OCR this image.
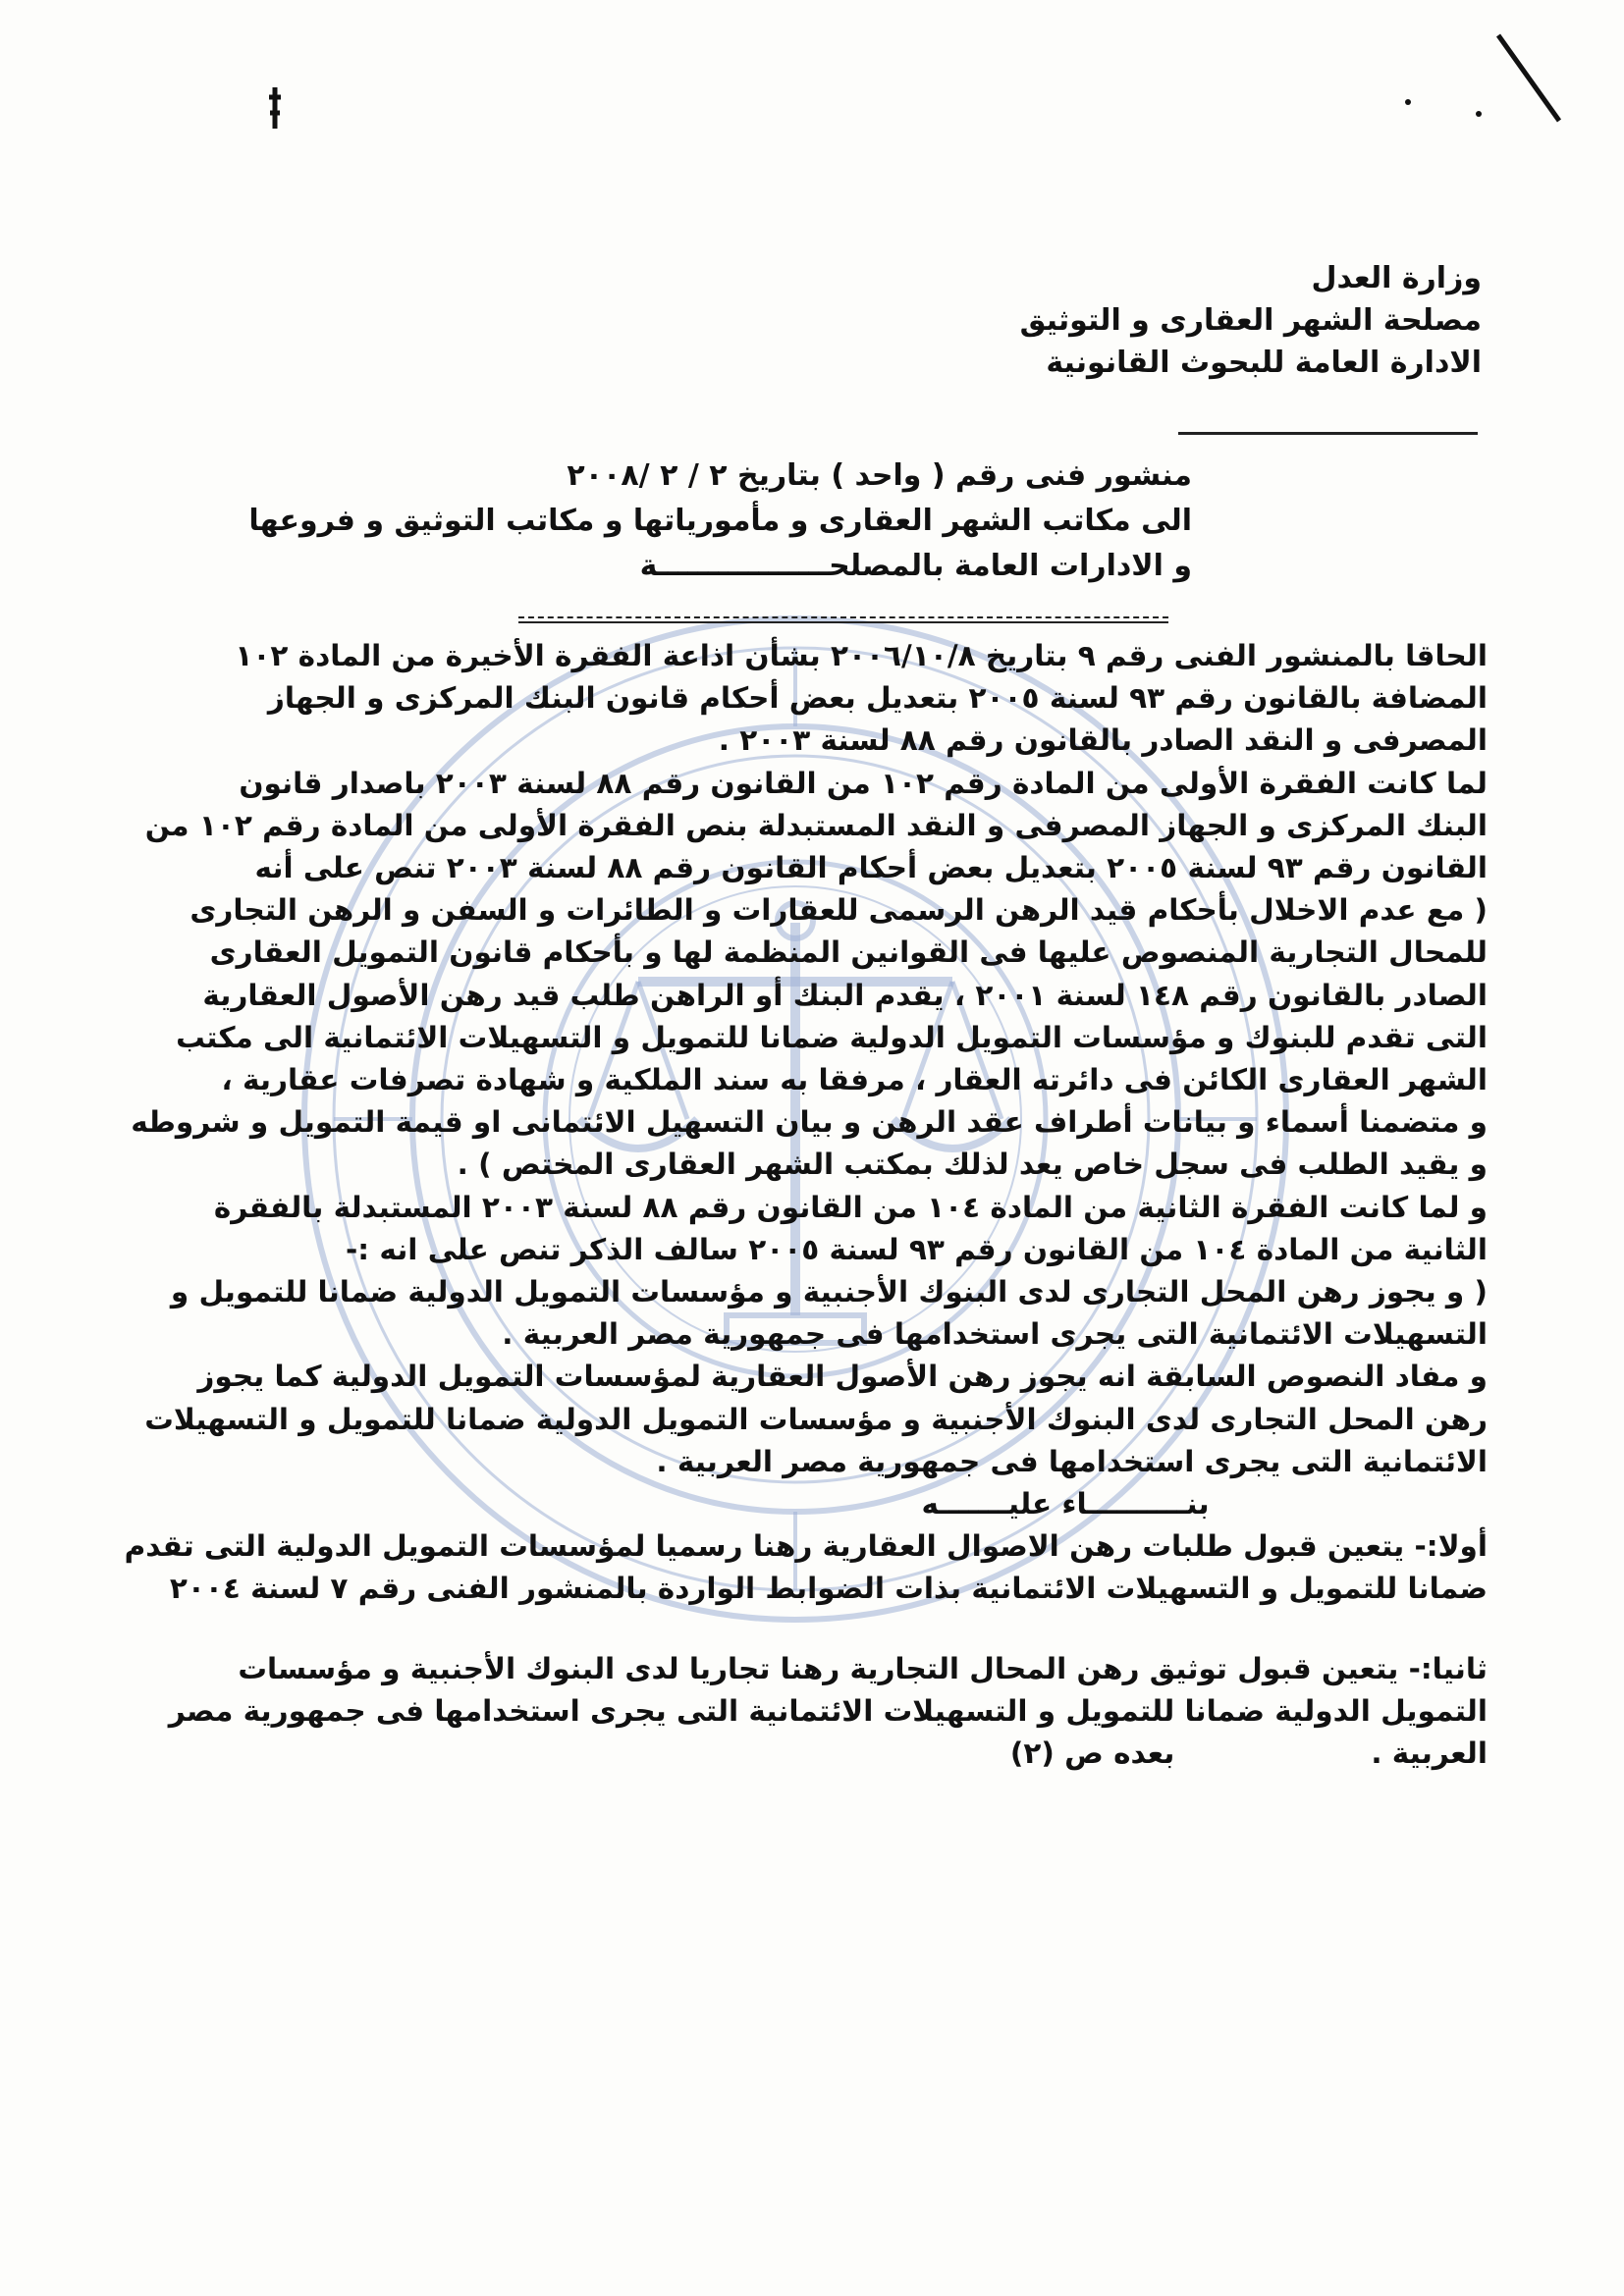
وزارة العدل
مصلحة الشهر العقارى و التوثيق
الادارة العامة للبحوث القانونية
منشور فنى رقم ( واحد ) بتاريخ ٢ / ٢ /٢٠٠٨
الى مكاتب الشهر العقارى و مأمورياتها و مكاتب التوثيق و فروعها
و الادارات العامة بالمصلحـــــــــــــــــة
الحاقا بالمنشور الفنى رقم ٩ بتاريخ ٢٠٠٦/١٠/٨ بشأن اذاعة الفقرة الأخيرة من المادة ١٠٢
المضافة بالقانون رقم ٩٣ لسنة ٢٠٠٥ بتعديل بعض أحكام قانون البنك المركزى و الجهاز
المصرفى و النقد الصادر بالقانون رقم ٨٨ لسنة ٢٠٠٣ .
لما كانت الفقرة الأولى من المادة رقم ١٠٢ من القانون رقم ٨٨ لسنة ٢٠٠٣ باصدار قانون
البنك المركزى و الجهاز المصرفى و النقد المستبدلة بنص الفقرة الأولى من المادة رقم ١٠٢ من
القانون رقم ٩٣ لسنة ٢٠٠٥ بتعديل بعض أحكام القانون رقم ٨٨ لسنة ٢٠٠٣ تنص على أنه
( مع عدم الاخلال بأحكام قيد الرهن الرسمى للعقارات و الطائرات و السفن و الرهن التجارى
للمحال التجارية المنصوص عليها فى القوانين المنظمة لها و بأحكام قانون التمويل العقارى
الصادر بالقانون رقم ١٤٨ لسنة ٢٠٠١ ، يقدم البنك أو الراهن طلب قيد رهن الأصول العقارية
التى تقدم للبنوك و مؤسسات التمويل الدولية ضمانا للتمويل و التسهيلات الائتمانية الى مكتب
الشهر العقارى الكائن فى دائرته العقار ، مرفقا به سند الملكية و شهادة تصرفات عقارية ،
و متضمنا أسماء و بيانات أطراف عقد الرهن و بيان التسهيل الائتمانى او قيمة التمويل و شروطه
و يقيد الطلب فى سجل خاص يعد لذلك بمكتب الشهر العقارى المختص ) .
و لما كانت الفقرة الثانية من المادة ١٠٤ من القانون رقم ٨٨ لسنة ٢٠٠٣ المستبدلة بالفقرة
الثانية من المادة ١٠٤ من القانون رقم ٩٣ لسنة ٢٠٠٥ سالف الذكر تنص على انه :-
( و يجوز رهن المحل التجارى لدى البنوك الأجنبية و مؤسسات التمويل الدولية ضمانا للتمويل و
التسهيلات الائتمانية التى يجرى استخدامها فى جمهورية مصر العربية .
و مفاد النصوص السابقة انه يجوز رهن الأصول العقارية لمؤسسات التمويل الدولية كما يجوز
رهن المحل التجارى لدى البنوك الأجنبية و مؤسسات التمويل الدولية ضمانا للتمويل و التسهيلات
الائتمانية التى يجرى استخدامها فى جمهورية مصر العربية .
بنــــــــــاء عليـــــــه
أولا:- يتعين قبول طلبات رهن الاصوال العقارية رهنا رسميا لمؤسسات التمويل الدولية التى تقدم
ضمانا للتمويل و التسهيلات الائتمانية بذات الضوابط الواردة بالمنشور الفنى رقم ٧ لسنة ٢٠٠٤
ثانيا:- يتعين قبول توثيق رهن المحال التجارية رهنا تجاريا لدى البنوك الأجنبية و مؤسسات
التمويل الدولية ضمانا للتمويل و التسهيلات الائتمانية التى يجرى استخدامها فى جمهورية مصر
العربية .بعده ص (٢)
